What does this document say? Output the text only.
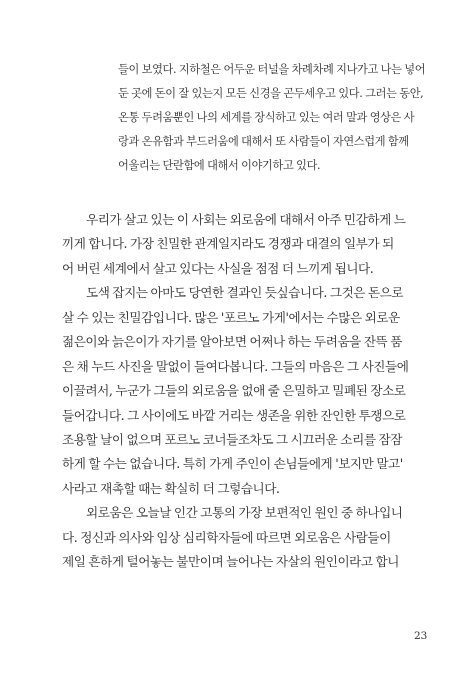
들이 보였다. 지하철은 어두운 터널을 차례차례 지나가고 나는 넣어
둔 곳에 돈이 잘 있는지 모든 신경을 곤두세우고 있다. 그러는 동안,
온통 두려움뿐인 나의 세계를 장식하고 있는 여러 말과 영상은 사
랑과 온유함과 부드러움에 대해서 또 사람들이 자연스럽게 함께
어울리는 단란함에 대해서 이야기하고 있다.
우리가 살고 있는 이 사회는 외로움에 대해서 아주 민감하게 느
끼게 합니다. 가장 친밀한 관계일지라도 경쟁과 대결의 일부가 되
어 버린 세계에서 살고 있다는 사실을 점점 더 느끼게 됩니다.
도색 잡지는 아마도 당연한 결과인 듯싶습니다. 그것은 돈으로
살 수 있는 친밀감입니다. 많은 '포르노 가게'에서는 수많은 외로운
젊은이와 늙은이가 자기를 알아보면 어쩌나 하는 두려움을 잔뜩 품
은 채 누드 사진을 말없이 들여다봅니다. 그들의 마음은 그 사진들에
이끌려서, 누군가 그들의 외로움을 없애 줄 은밀하고 밀폐된 장소로
들어갑니다. 그 사이에도 바깥 거리는 생존을 위한 잔인한 투쟁으로
조용할 날이 없으며 포르노 코너들조차도 그 시끄러운 소리를 잠잠
하게 할 수는 없습니다. 특히 가게 주인이 손님들에게 '보지만 말고'
사라고 재촉할 때는 확실히 더 그렇습니다.
외로움은 오늘날 인간 고통의 가장 보편적인 원인 중 하나입니
다. 정신과 의사와 임상 심리학자들에 따르면 외로움은 사람들이
제일 흔하게 털어놓는 불만이며 늘어나는 자살의 원인이라고 합니
23
